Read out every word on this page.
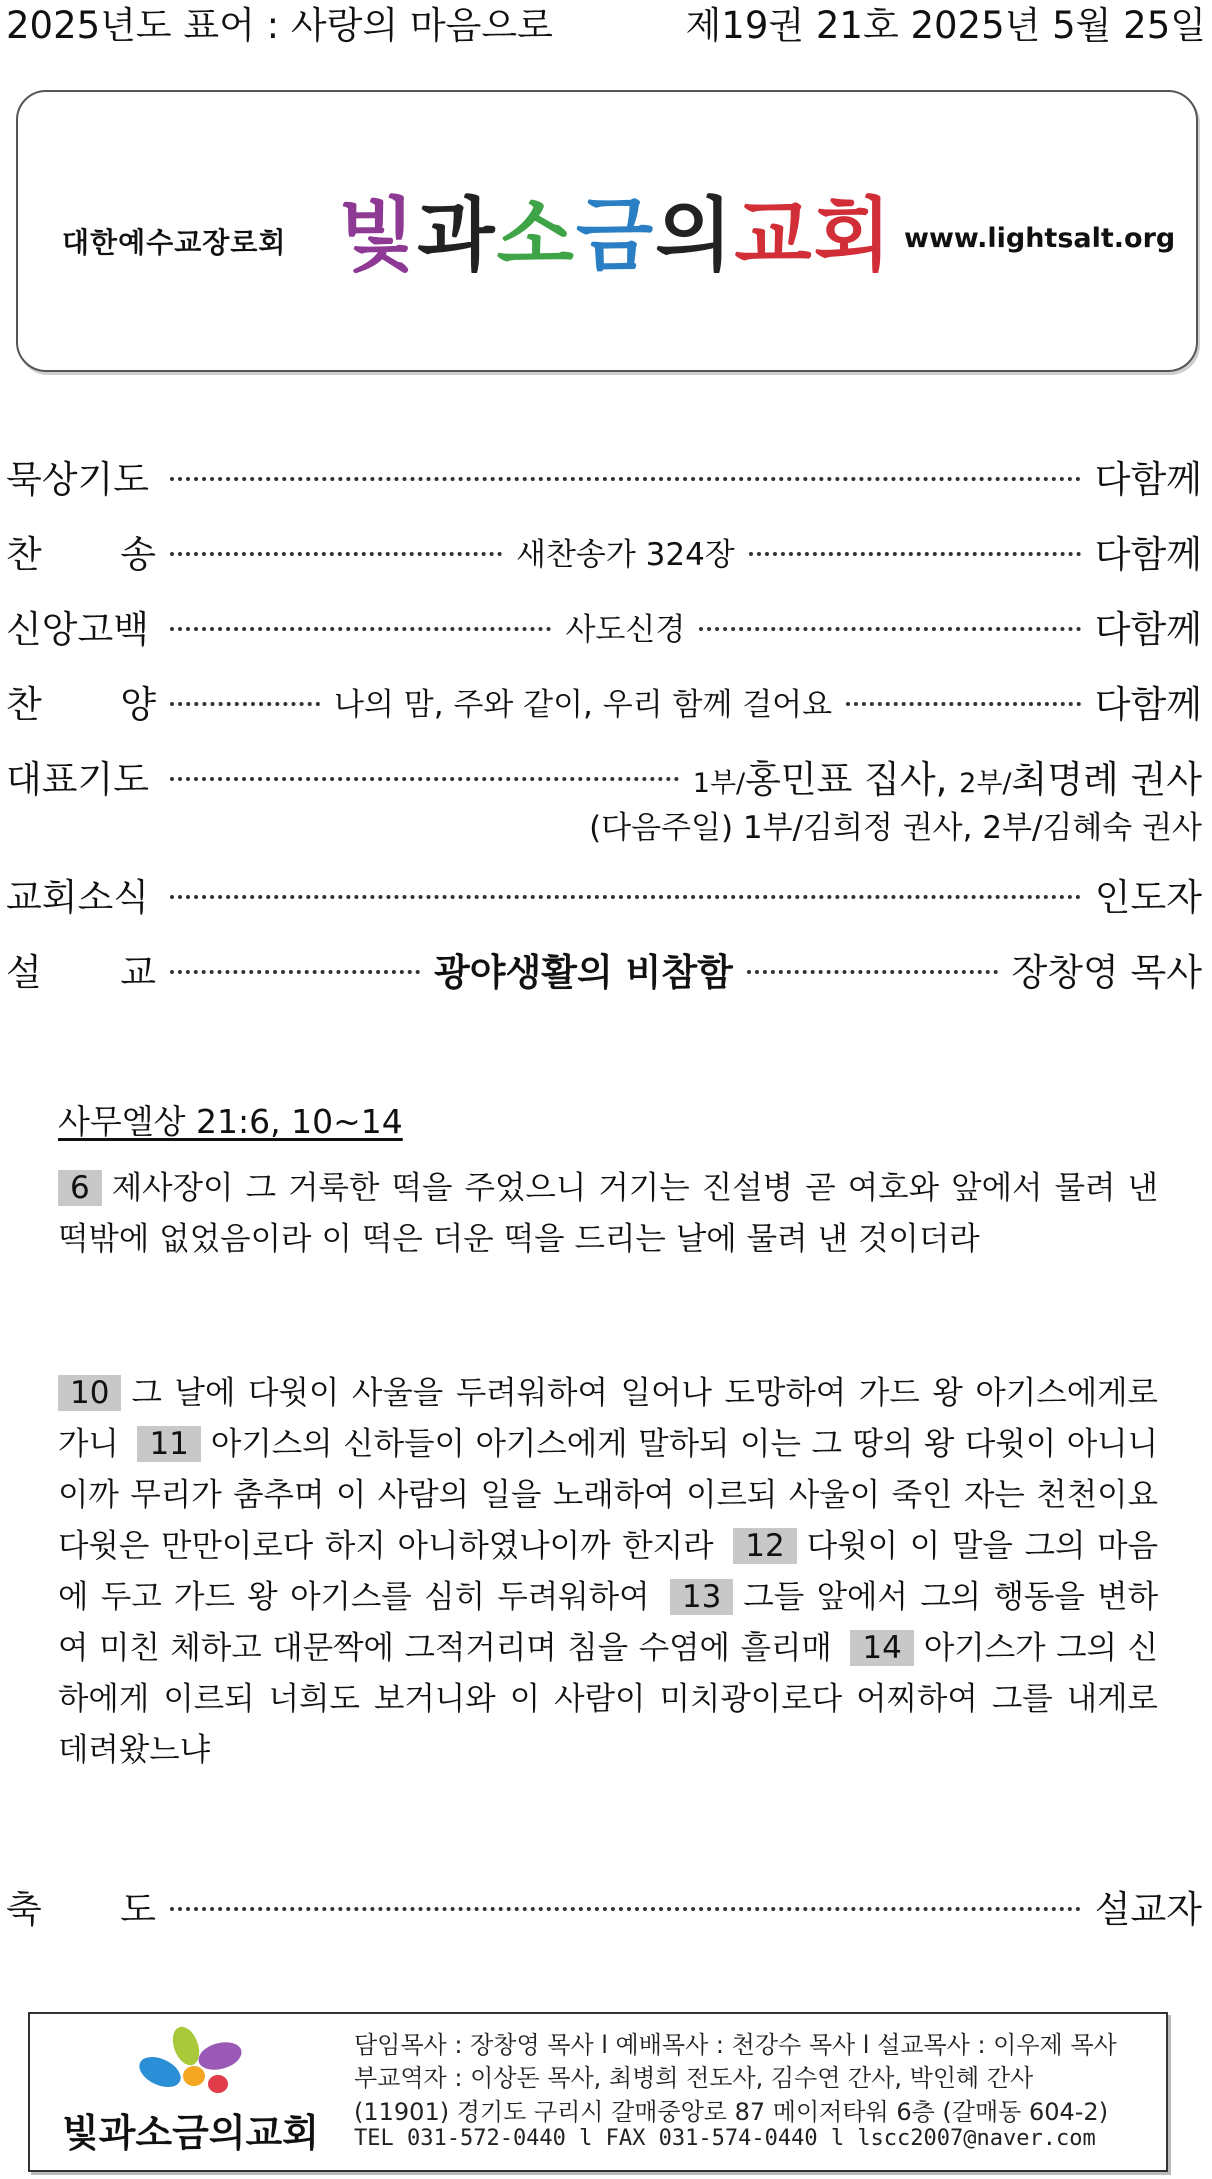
2025년도 표어 : 사랑의 마음으로	제19권 21호 2025년 5월 25일
대한예수교장로회 빛과소금의교회 www.lightsalt.org
묵상기도	다함께
찬 송	새찬송가 324장	다함께
신앙고백	사도신경	다함께
찬 양	나의 맘, 주와 같이, 우리 함께 걸어요	다함께
대표기도	1부/홍민표 집사, 2부/최명례 권사
(다음주일) 1부/김희정 권사, 2부/김혜숙 권사
교회소식	인도자
설 교	광야생활의 비참함	장창영 목사
사무엘상 21:6, 10~14
6 제사장이 그 거룩한 떡을 주었으니 거기는 진설병 곧 여호와 앞에서 물려 낸 떡밖에 없었음이라 이 떡은 더운 떡을 드리는 날에 물려 낸 것이더라
10 그 날에 다윗이 사울을 두려워하여 일어나 도망하여 가드 왕 아기스에게로 가니 11 아기스의 신하들이 아기스에게 말하되 이는 그 땅의 왕 다윗이 아니니이까 무리가 춤추며 이 사람의 일을 노래하여 이르되 사울이 죽인 자는 천천이요 다윗은 만만이로다 하지 아니하였나이까 한지라 12 다윗이 이 말을 그의 마음에 두고 가드 왕 아기스를 심히 두려워하여 13 그들 앞에서 그의 행동을 변하여 미친 체하고 대문짝에 그적거리며 침을 수염에 흘리매 14 아기스가 그의 신하에게 이르되 너희도 보거니와 이 사람이 미치광이로다 어찌하여 그를 내게로 데려왔느냐
축 도	설교자
빛과소금의교회
담임목사 : 장창영 목사 l 예배목사 : 천강수 목사 l 설교목사 : 이우제 목사
부교역자 : 이상돈 목사, 최병희 전도사, 김수연 간사, 박인혜 간사
(11901) 경기도 구리시 갈매중앙로 87 메이저타워 6층 (갈매동 604-2)
TEL 031-572-0440 l FAX 031-574-0440 l lscc2007@naver.com
